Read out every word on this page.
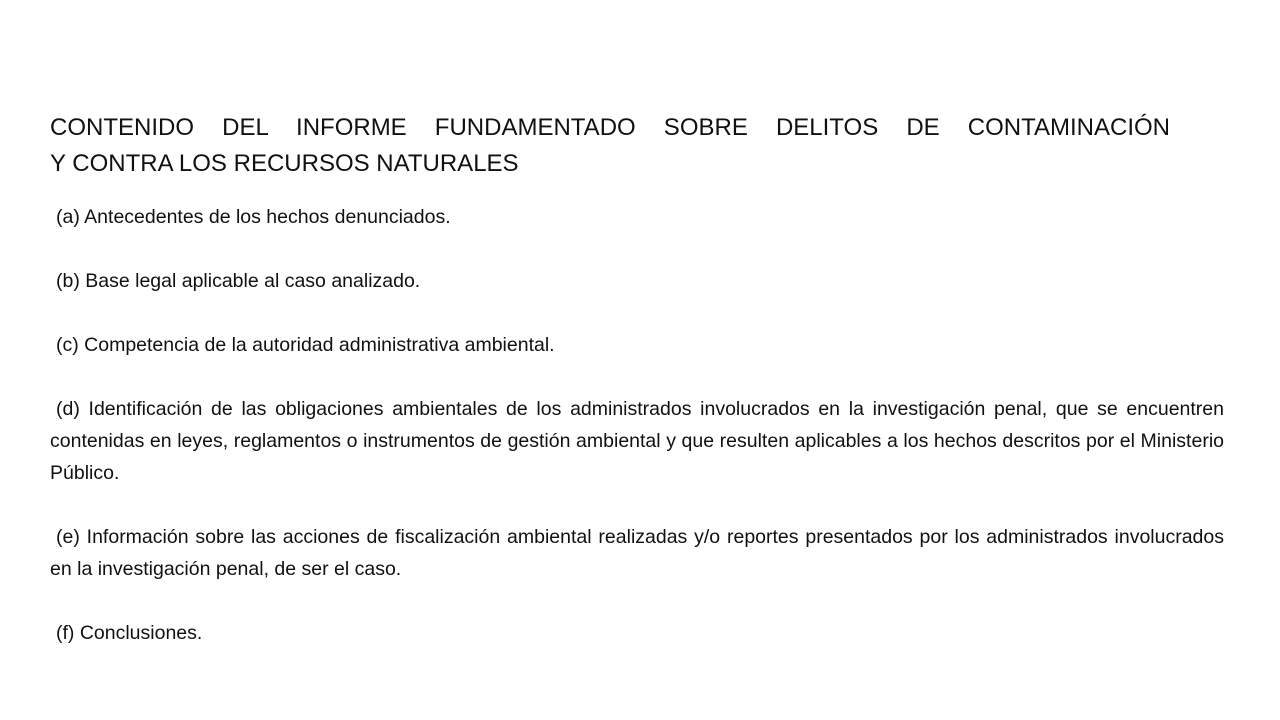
CONTENIDO DEL INFORME FUNDAMENTADO SOBRE DELITOS DE CONTAMINACIÓN
Y CONTRA LOS RECURSOS NATURALES
(a) Antecedentes de los hechos denunciados.
(b) Base legal aplicable al caso analizado.
(c) Competencia de la autoridad administrativa ambiental.
(d) Identificación de las obligaciones ambientales de los administrados involucrados en la investigación penal, que se encuentren contenidas en leyes, reglamentos o instrumentos de gestión ambiental y que resulten aplicables a los hechos descritos por el Ministerio Público.
(e) Información sobre las acciones de fiscalización ambiental realizadas y/o reportes presentados por los administrados involucrados en la investigación penal, de ser el caso.
(f) Conclusiones.
